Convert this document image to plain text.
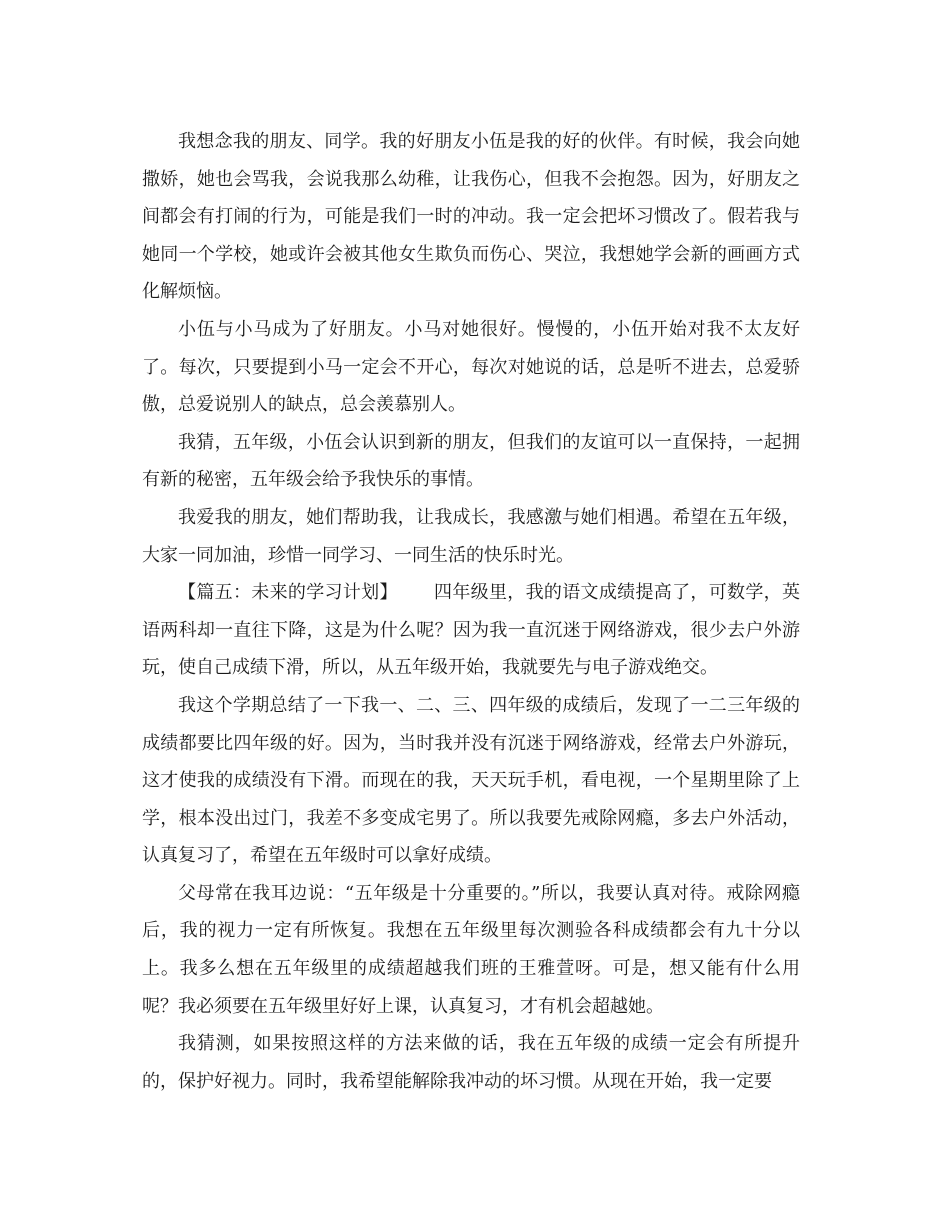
我想念我的朋友、同学。我的好朋友小伍是我的好的伙伴。有时候，我会向她撒娇，她也会骂我，会说我那么幼稚，让我伤心，但我不会抱怨。因为，好朋友之间都会有打闹的行为，可能是我们一时的冲动。我一定会把坏习惯改了。假若我与她同一个学校，她或许会被其他女生欺负而伤心、哭泣，我想她学会新的画画方式化解烦恼。

小伍与小马成为了好朋友。小马对她很好。慢慢的，小伍开始对我不太友好了。每次，只要提到小马一定会不开心，每次对她说的话，总是听不进去，总爱骄傲，总爱说别人的缺点，总会羡慕别人。

我猜，五年级，小伍会认识到新的朋友，但我们的友谊可以一直保持，一起拥有新的秘密，五年级会给予我快乐的事情。

我爱我的朋友，她们帮助我，让我成长，我感激与她们相遇。希望在五年级，大家一同加油，珍惜一同学习、一同生活的快乐时光。

【篇五：未来的学习计划】 四年级里，我的语文成绩提高了，可数学，英语两科却一直往下降，这是为什么呢？因为我一直沉迷于网络游戏，很少去户外游玩，使自己成绩下滑，所以，从五年级开始，我就要先与电子游戏绝交。

我这个学期总结了一下我一、二、三、四年级的成绩后，发现了一二三年级的成绩都要比四年级的好。因为，当时我并没有沉迷于网络游戏，经常去户外游玩，这才使我的成绩没有下滑。而现在的我，天天玩手机，看电视，一个星期里除了上学，根本没出过门，我差不多变成宅男了。所以我要先戒除网瘾，多去户外活动，认真复习了，希望在五年级时可以拿好成绩。

父母常在我耳边说：“五年级是十分重要的。”所以，我要认真对待。戒除网瘾后，我的视力一定有所恢复。我想在五年级里每次测验各科成绩都会有九十分以上。我多么想在五年级里的成绩超越我们班的王雅萱呀。可是，想又能有什么用呢？我必须要在五年级里好好上课，认真复习，才有机会超越她。

我猜测，如果按照这样的方法来做的话，我在五年级的成绩一定会有所提升的，保护好视力。同时，我希望能解除我冲动的坏习惯。从现在开始，我一定要
